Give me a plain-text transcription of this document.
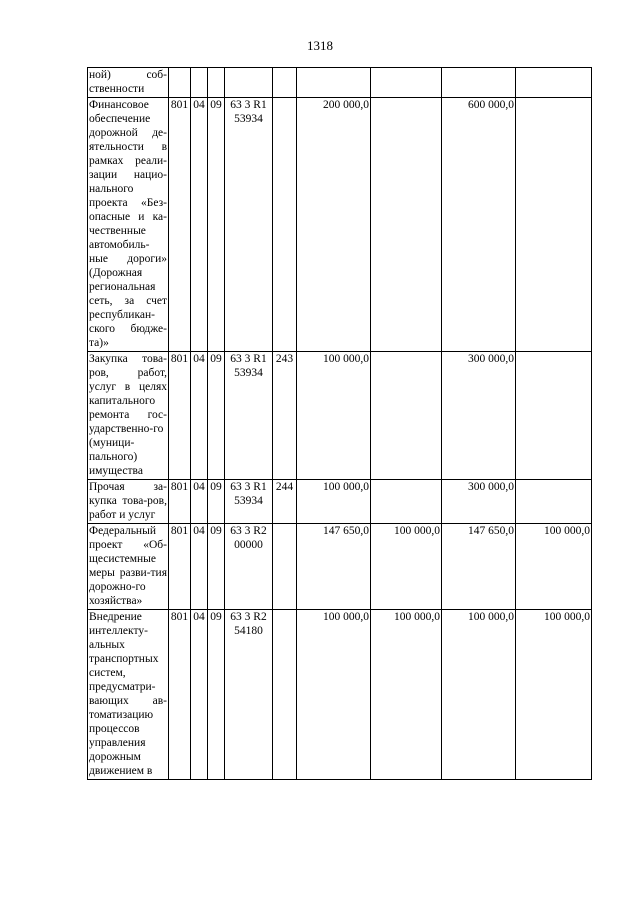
1318
ной) соб-ственности									
Финансовое обеспечение дорожной де-ятельности в рамках реали-зации нацио-нального проекта «Без-опасные и ка-чественные автомобиль-ные дороги» (Дорожная региональная сеть, за счет республикан-ского бюдже-та)»	801	04	09	63 3 R1 53934		200 000,0		600 000,0	
Закупка това-ров, работ, услуг в целях капитального ремонта гос-ударственно-го (муници-пального) имущества	801	04	09	63 3 R1 53934	243	100 000,0		300 000,0	
Прочая за-купка това-ров, работ и услуг	801	04	09	63 3 R1 53934	244	100 000,0		300 000,0	
Федеральный проект «Об-щесистемные меры разви-тия дорожно-го хозяйства»	801	04	09	63 3 R2 00000		147 650,0	100 000,0	147 650,0	100 000,0
Внедрение интеллекту-альных транспортных систем, предусматри-вающих ав-томатизацию процессов управления дорожным движением в	801	04	09	63 3 R2 54180		100 000,0	100 000,0	100 000,0	100 000,0
